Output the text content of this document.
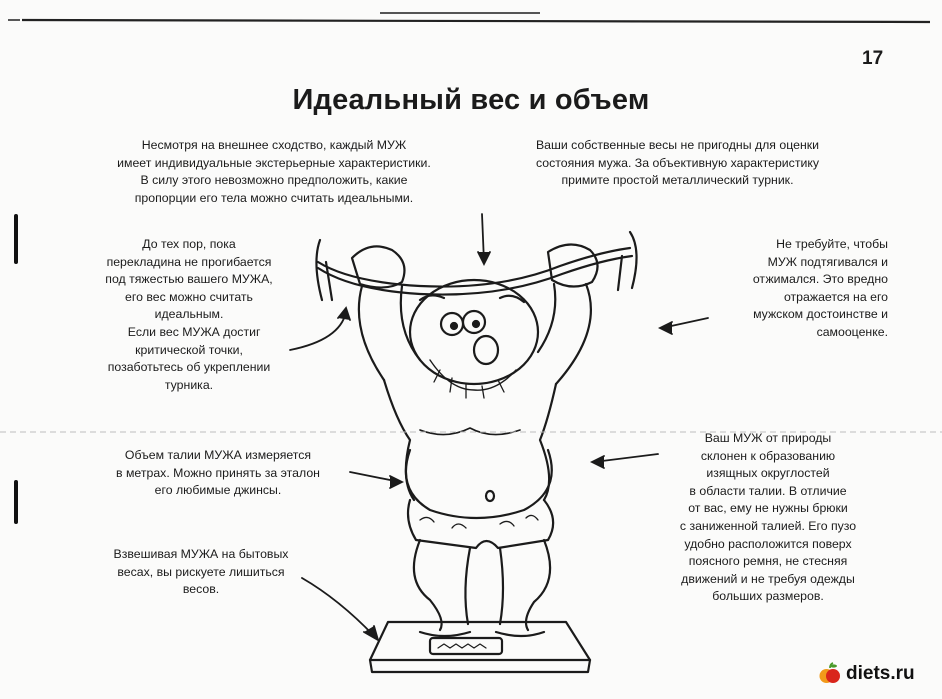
17
Идеальный вес и объем
Несмотря на внешнее сходство, каждый МУЖ
имеет индивидуальные экстерьерные характеристики.
В силу этого невозможно предположить, какие
пропорции его тела можно считать идеальными.
Ваши собственные весы не пригодны для оценки
состояния мужа. За объективную характеристику
примите простой металлический турник.
До тех пор, пока
перекладина не прогибается
под тяжестью вашего МУЖА,
его вес можно считать
идеальным.
Если вес МУЖА достиг
критической точки,
позаботьтесь об укреплении
турника.
Не требуйте, чтобы
МУЖ подтягивался и
отжимался. Это вредно
отражается на его
мужском достоинстве и
самооценке.
Объем талии МУЖА измеряется
в метрах. Можно принять за эталон
его любимые джинсы.
Ваш МУЖ от природы
склонен к образованию
изящных округлостей
в области талии. В отличие
от вас, ему не нужны брюки
с заниженной талией. Его пузо
удобно расположится поверх
поясного ремня, не стесняя
движений и не требуя одежды
больших размеров.
Взвешивая МУЖА на бытовых
весах, вы рискуете лишиться
весов.
diets.ru
